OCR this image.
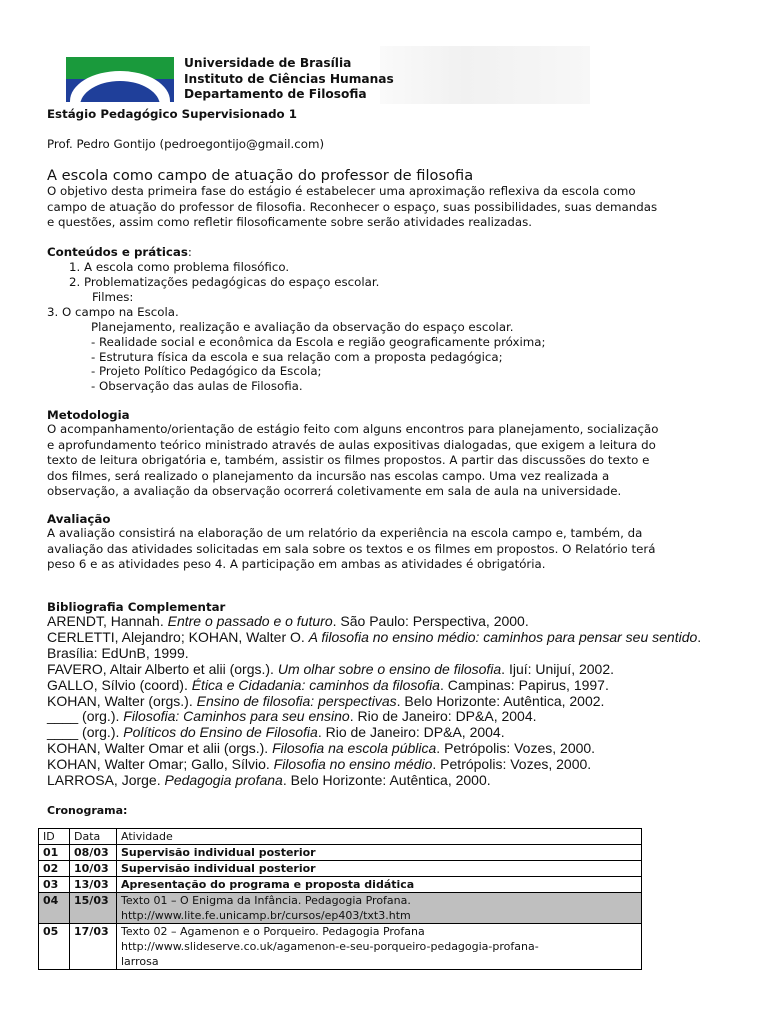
Universidade de Brasília
Instituto de Ciências Humanas
Departamento de Filosofia
Estágio Pedagógico Supervisionado 1
Prof. Pedro Gontijo (pedroegontijo@gmail.com)
A escola como campo de atuação do professor de filosofia
O objetivo desta primeira fase do estágio é estabelecer uma aproximação reflexiva da escola como
campo de atuação do professor de filosofia. Reconhecer o espaço, suas possibilidades, suas demandas
e questões, assim como refletir filosoficamente sobre serão atividades realizadas.
Conteúdos e práticas:
1. A escola como problema filosófico.
2. Problematizações pedagógicas do espaço escolar.
Filmes:
3. O campo na Escola.
Planejamento, realização e avaliação da observação do espaço escolar.
- Realidade social e econômica da Escola e região geograficamente próxima;
- Estrutura física da escola e sua relação com a proposta pedagógica;
- Projeto Político Pedagógico da Escola;
- Observação das aulas de Filosofia.
Metodologia
O acompanhamento/orientação de estágio feito com alguns encontros para planejamento, socialização
e aprofundamento teórico ministrado através de aulas expositivas dialogadas, que exigem a leitura do
texto de leitura obrigatória e, também, assistir os filmes propostos. A partir das discussões do texto e
dos filmes, será realizado o planejamento da incursão nas escolas campo. Uma vez realizada a
observação, a avaliação da observação ocorrerá coletivamente em sala de aula na universidade.
Avaliação
A avaliação consistirá na elaboração de um relatório da experiência na escola campo e, também, da
avaliação das atividades solicitadas em sala sobre os textos e os filmes em propostos. O Relatório terá
peso 6 e as atividades peso 4. A participação em ambas as atividades é obrigatória.
Bibliografia Complementar
ARENDT, Hannah. Entre o passado e o futuro. São Paulo: Perspectiva, 2000.
CERLETTI, Alejandro; KOHAN, Walter O. A filosofia no ensino médio: caminhos para pensar seu sentido. Brasília: EdUnB, 1999.
FAVERO, Altair Alberto et alii (orgs.). Um olhar sobre o ensino de filosofia. Ijuí: Unijuí, 2002.
GALLO, Sílvio (coord). Ética e Cidadania: caminhos da filosofia. Campinas: Papirus, 1997.
KOHAN, Walter (orgs.). Ensino de filosofia: perspectivas. Belo Horizonte: Autêntica, 2002.
____ (org.). Filosofia: Caminhos para seu ensino. Rio de Janeiro: DP&A, 2004.
____ (org.). Políticos do Ensino de Filosofia. Rio de Janeiro: DP&A, 2004.
KOHAN, Walter Omar et alii (orgs.). Filosofia na escola pública. Petrópolis: Vozes, 2000.
KOHAN, Walter Omar; Gallo, Sílvio. Filosofia no ensino médio. Petrópolis: Vozes, 2000.
LARROSA, Jorge. Pedagogia profana. Belo Horizonte: Autêntica, 2000.
Cronograma:
ID	Data	Atividade
01	08/03	Supervisão individual posterior
02	10/03	Supervisão individual posterior
03	13/03	Apresentação do programa e proposta didática
04	15/03	Texto 01 – O Enigma da Infância. Pedagogia Profana.
http://www.lite.fe.unicamp.br/cursos/ep403/txt3.htm

05	17/03	Texto 02 – Agamenon e o Porqueiro. Pedagogia Profana
http://www.slideserve.co.uk/agamenon-e-seu-porqueiro-pedagogia-profana-
larrosa
